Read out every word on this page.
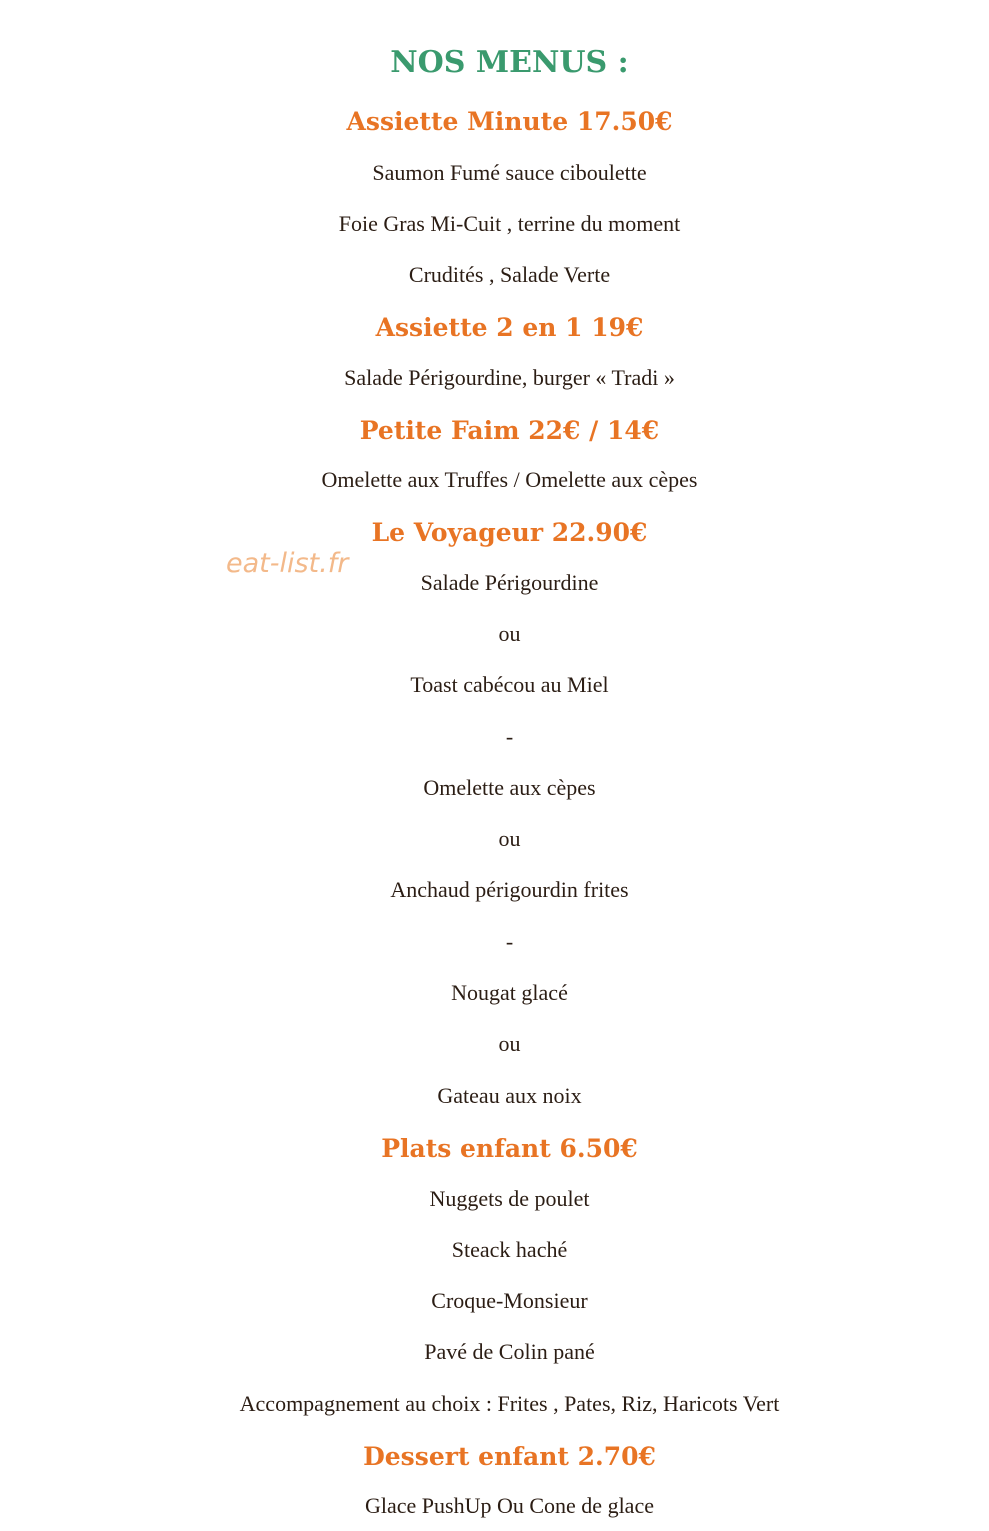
NOS MENUS :
Assiette Minute 17.50€
Saumon Fumé sauce ciboulette
Foie Gras Mi-Cuit , terrine du moment
Crudités , Salade Verte
Assiette 2 en 1 19€
Salade Périgourdine, burger « Tradi »
Petite Faim 22€ / 14€
Omelette aux Truffes / Omelette aux cèpes
Le Voyageur 22.90€
Salade Périgourdine
ou
Toast cabécou au Miel
-
Omelette aux cèpes
ou
Anchaud périgourdin frites
-
Nougat glacé
ou
Gateau aux noix
Plats enfant 6.50€
Nuggets de poulet
Steack haché
Croque-Monsieur
Pavé de Colin pané
Accompagnement au choix : Frites , Pates, Riz, Haricots Vert
Dessert enfant 2.70€
Glace PushUp Ou Cone de glace
eat-list.fr
